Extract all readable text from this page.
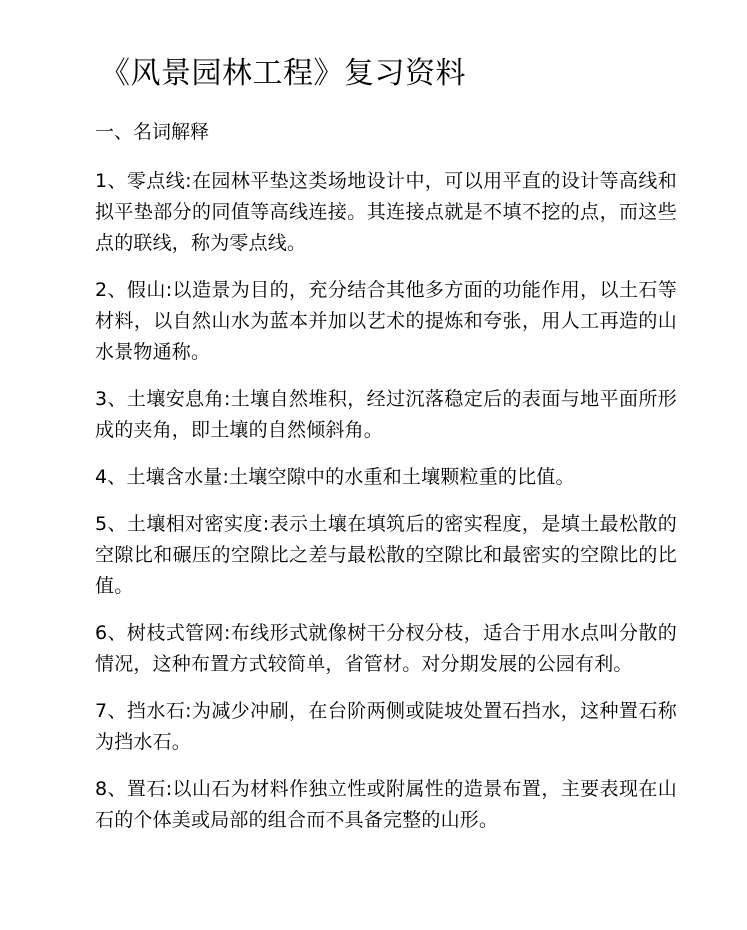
《风景园林工程》复习资料
一、名词解释

1、零点线:在园林平垫这类场地设计中，可以用平直的设计等高线和拟平垫部分的同值等高线连接。其连接点就是不填不挖的点，而这些点的联线，称为零点线。

2、假山:以造景为目的，充分结合其他多方面的功能作用，以土石等材料，以自然山水为蓝本并加以艺术的提炼和夸张，用人工再造的山水景物通称。

3、土壤安息角:土壤自然堆积，经过沉落稳定后的表面与地平面所形成的夹角，即土壤的自然倾斜角。

4、土壤含水量:土壤空隙中的水重和土壤颗粒重的比值。

5、土壤相对密实度:表示土壤在填筑后的密实程度，是填土最松散的空隙比和碾压的空隙比之差与最松散的空隙比和最密实的空隙比的比值。

6、树枝式管网:布线形式就像树干分杈分枝，适合于用水点叫分散的情况，这种布置方式较简单，省管材。对分期发展的公园有利。

7、挡水石:为减少冲刷，在台阶两侧或陡坡处置石挡水，这种置石称为挡水石。

8、置石:以山石为材料作独立性或附属性的造景布置，主要表现在山石的个体美或局部的组合而不具备完整的山形。
